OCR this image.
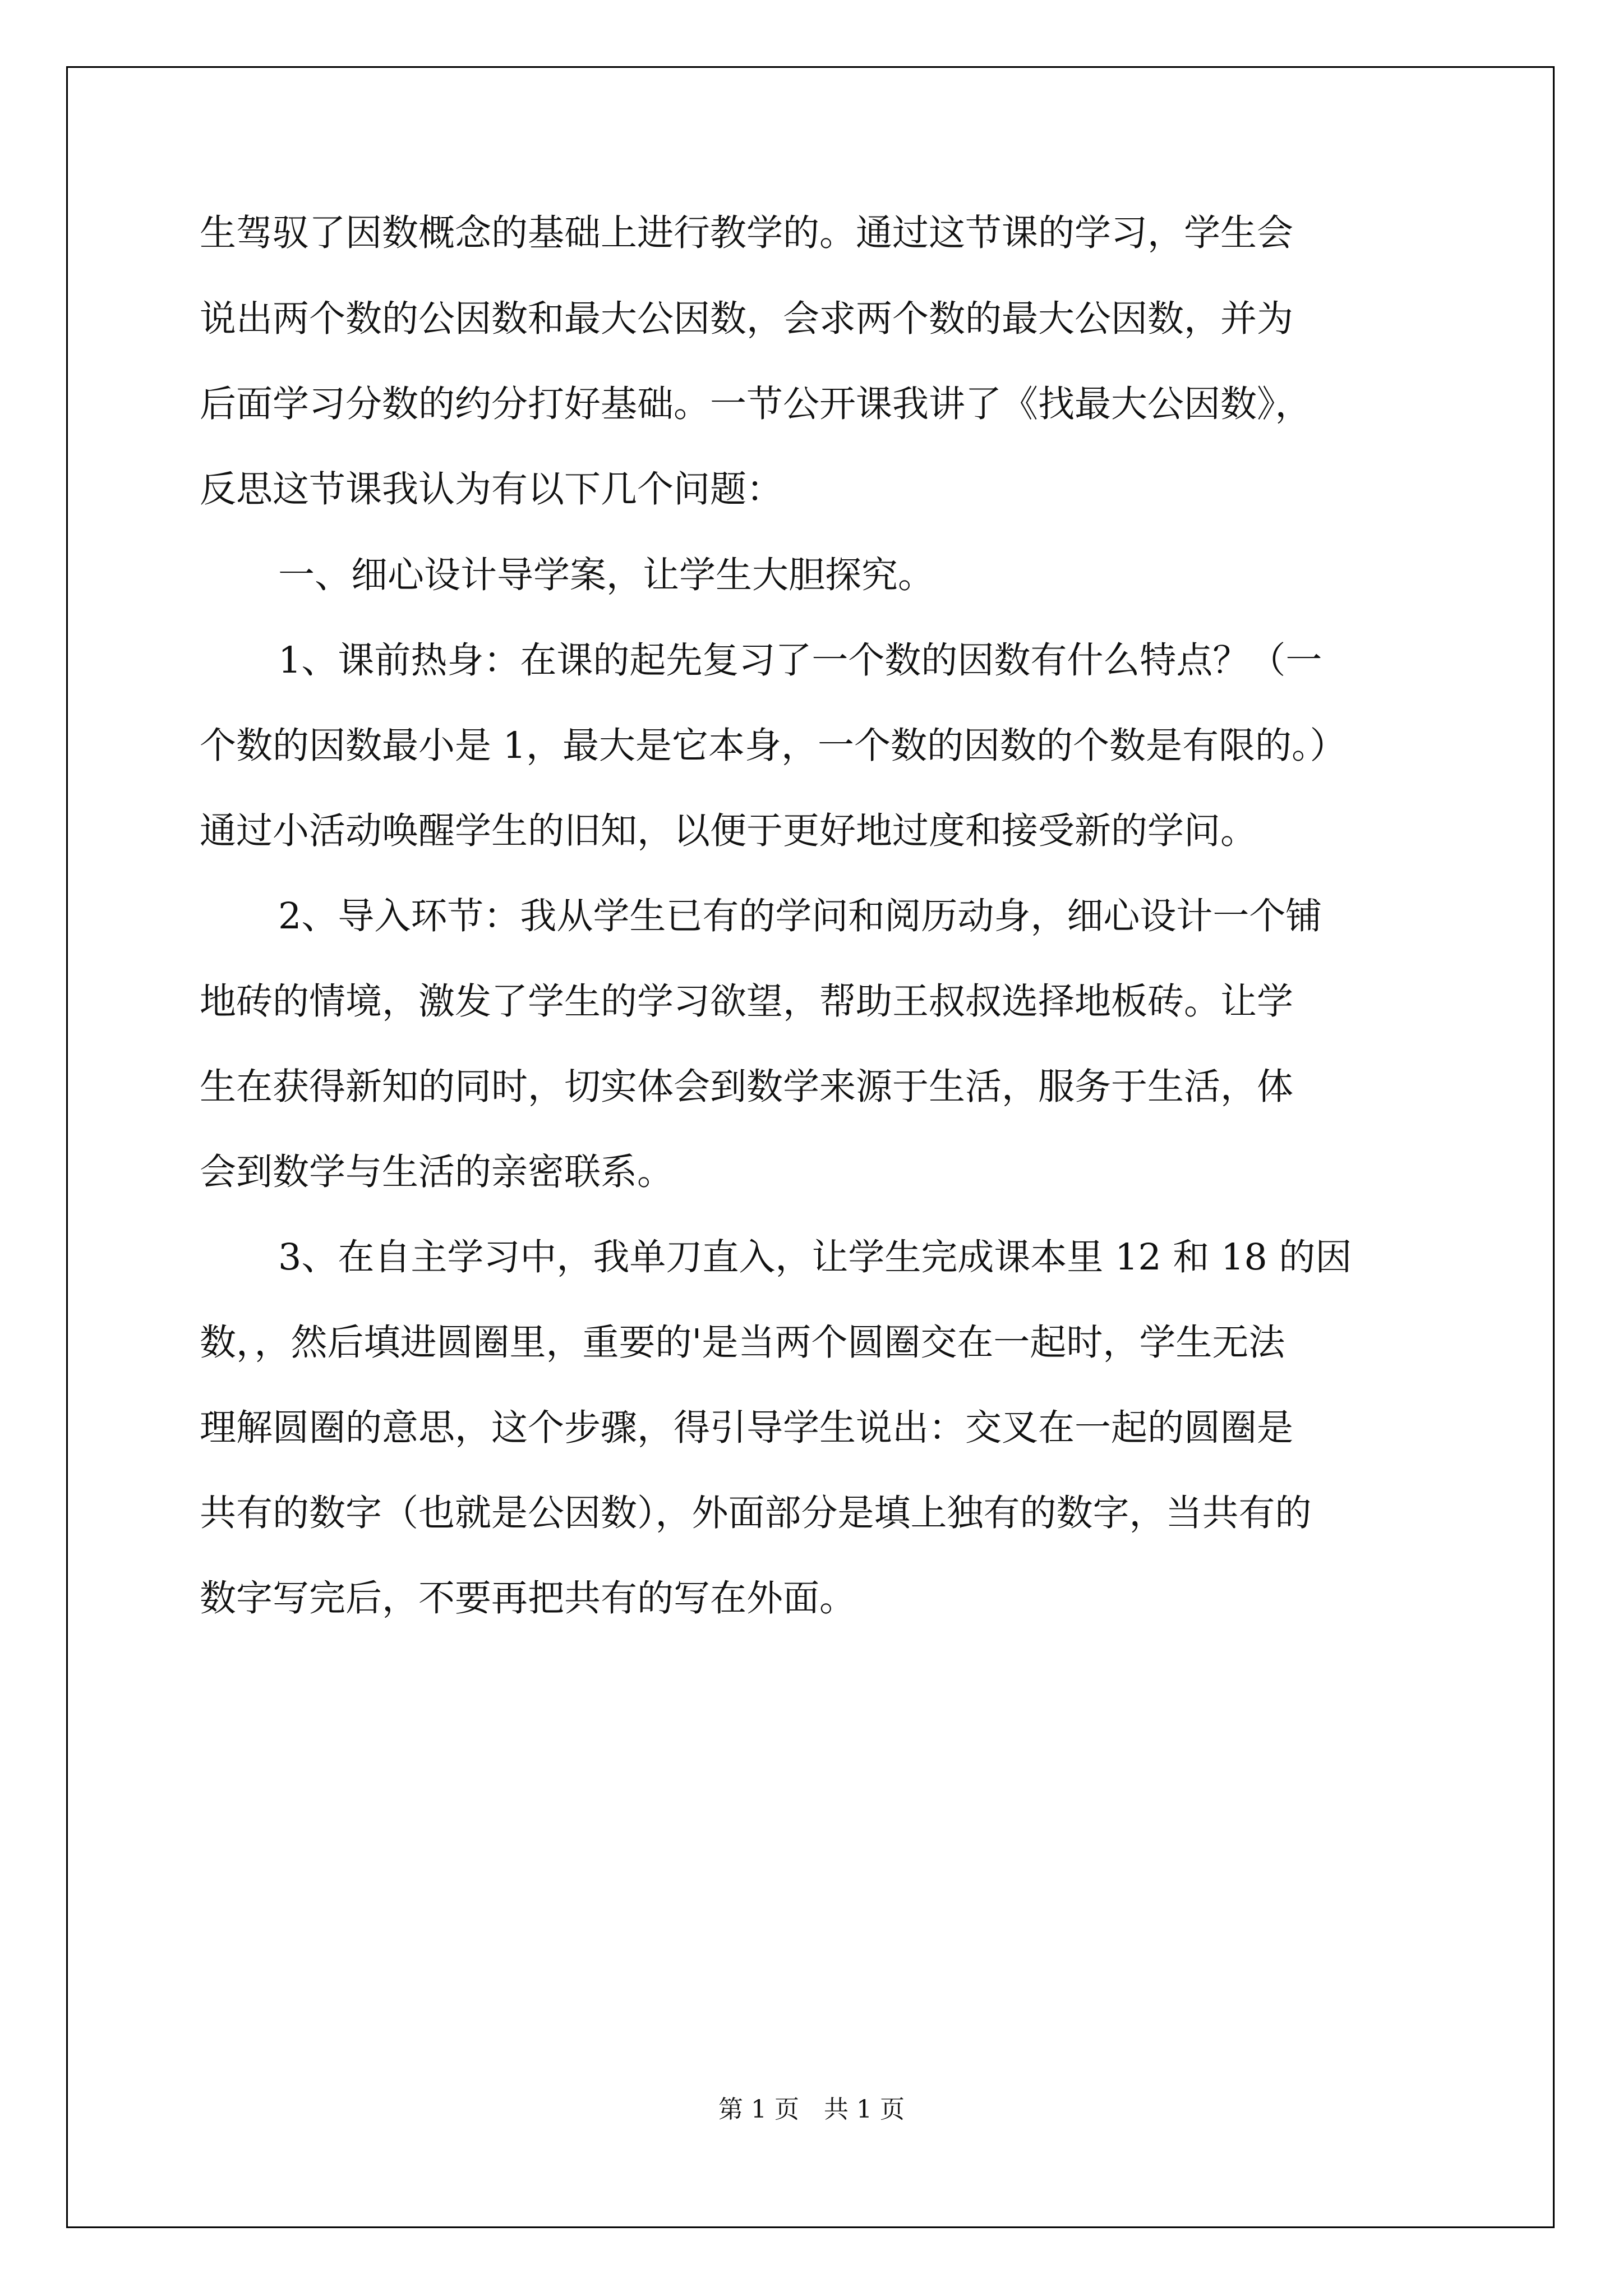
生驾驭了因数概念的基础上进行教学的。通过这节课的学习，学生会
说出两个数的公因数和最大公因数，会求两个数的最大公因数，并为
后面学习分数的约分打好基础。一节公开课我讲了《找最大公因数》，
反思这节课我认为有以下几个问题：
一、细心设计导学案，让学生大胆探究。
1、课前热身：在课的起先复习了一个数的因数有什么特点？（一
个数的因数最小是 1，最大是它本身，一个数的因数的个数是有限的。）
通过小活动唤醒学生的旧知，以便于更好地过度和接受新的学问。
2、导入环节：我从学生已有的学问和阅历动身，细心设计一个铺
地砖的情境，激发了学生的学习欲望，帮助王叔叔选择地板砖。让学
生在获得新知的同时，切实体会到数学来源于生活，服务于生活，体
会到数学与生活的亲密联系。
3、在自主学习中，我单刀直入，让学生完成课本里 12 和 18 的因
数，，然后填进圆圈里，重要的'是当两个圆圈交在一起时，学生无法
理解圆圈的意思，这个步骤，得引导学生说出：交叉在一起的圆圈是
共有的数字（也就是公因数），外面部分是填上独有的数字，当共有的
数字写完后，不要再把共有的写在外面。
第 1 页　共 1 页
